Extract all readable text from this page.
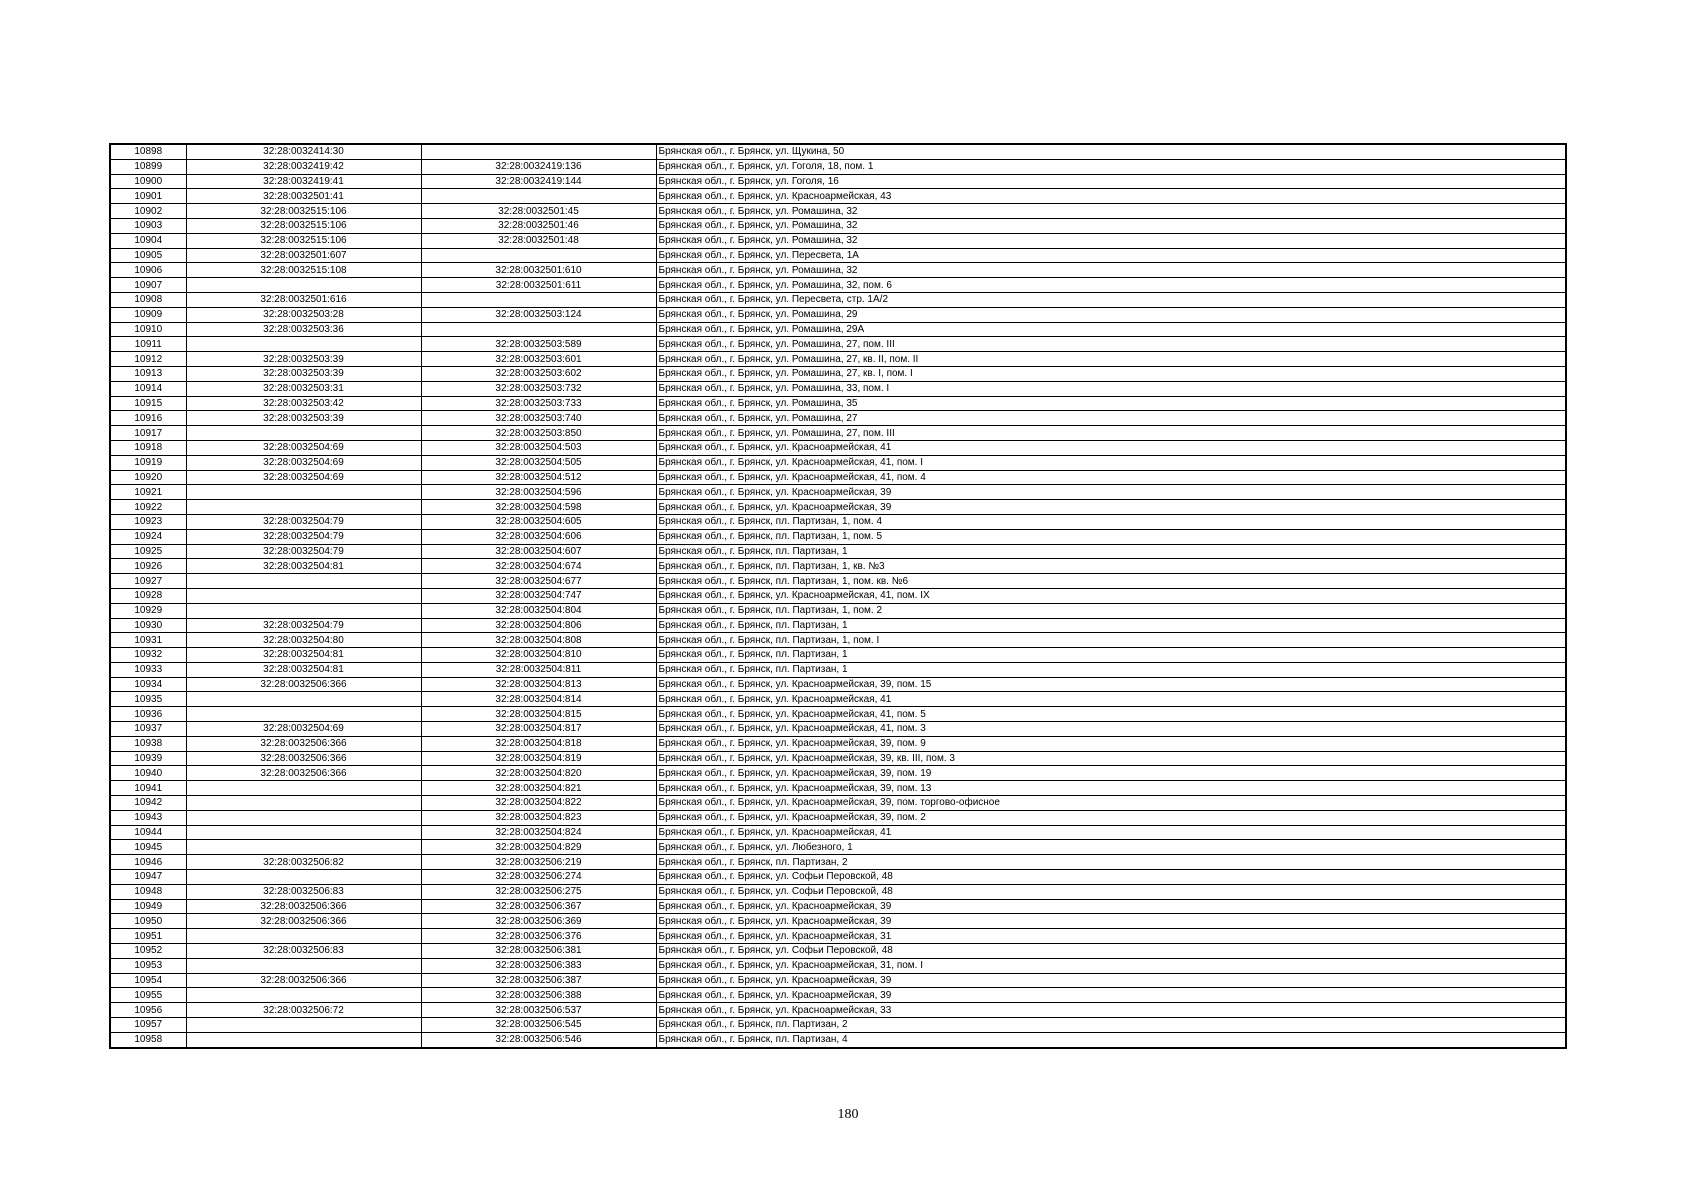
10898	32:28:0032414:30		Брянская обл., г. Брянск, ул. Щукина, 50
10899	32:28:0032419:42	32:28:0032419:136	Брянская обл., г. Брянск, ул. Гоголя, 18, пом. 1
10900	32:28:0032419:41	32:28:0032419:144	Брянская обл., г. Брянск, ул. Гоголя, 16
10901	32:28:0032501:41		Брянская обл., г. Брянск, ул. Красноармейская, 43
10902	32:28:0032515:106	32:28:0032501:45	Брянская обл., г. Брянск, ул. Ромашина, 32
10903	32:28:0032515:106	32:28:0032501:46	Брянская обл., г. Брянск, ул. Ромашина, 32
10904	32:28:0032515:106	32:28:0032501:48	Брянская обл., г. Брянск, ул. Ромашина, 32
10905	32:28:0032501:607		Брянская обл., г. Брянск, ул. Пересвета, 1А
10906	32:28:0032515:108	32:28:0032501:610	Брянская обл., г. Брянск, ул. Ромашина, 32
10907		32:28:0032501:611	Брянская обл., г. Брянск, ул. Ромашина, 32, пом. 6
10908	32:28:0032501:616		Брянская обл., г. Брянск, ул. Пересвета, стр. 1А/2
10909	32:28:0032503:28	32:28:0032503:124	Брянская обл., г. Брянск, ул. Ромашина, 29
10910	32:28:0032503:36		Брянская обл., г. Брянск, ул. Ромашина, 29А
10911		32:28:0032503:589	Брянская обл., г. Брянск, ул. Ромашина, 27, пом. III
10912	32:28:0032503:39	32:28:0032503:601	Брянская обл., г. Брянск, ул. Ромашина, 27, кв. II, пом. II
10913	32:28:0032503:39	32:28:0032503:602	Брянская обл., г. Брянск, ул. Ромашина, 27, кв. I, пом. I
10914	32:28:0032503:31	32:28:0032503:732	Брянская обл., г. Брянск, ул. Ромашина, 33, пом. I
10915	32:28:0032503:42	32:28:0032503:733	Брянская обл., г. Брянск, ул. Ромашина, 35
10916	32:28:0032503:39	32:28:0032503:740	Брянская обл., г. Брянск, ул. Ромашина, 27
10917		32:28:0032503:850	Брянская обл., г. Брянск, ул. Ромашина, 27, пом. III
10918	32:28:0032504:69	32:28:0032504:503	Брянская обл., г. Брянск, ул. Красноармейская, 41
10919	32:28:0032504:69	32:28:0032504:505	Брянская обл., г. Брянск, ул. Красноармейская, 41, пом. I
10920	32:28:0032504:69	32:28:0032504:512	Брянская обл., г. Брянск, ул. Красноармейская, 41, пом. 4
10921		32:28:0032504:596	Брянская обл., г. Брянск, ул. Красноармейская, 39
10922		32:28:0032504:598	Брянская обл., г. Брянск, ул. Красноармейская, 39
10923	32:28:0032504:79	32:28:0032504:605	Брянская обл., г. Брянск, пл. Партизан, 1, пом. 4
10924	32:28:0032504:79	32:28:0032504:606	Брянская обл., г. Брянск, пл. Партизан, 1, пом. 5
10925	32:28:0032504:79	32:28:0032504:607	Брянская обл., г. Брянск, пл. Партизан, 1
10926	32:28:0032504:81	32:28:0032504:674	Брянская обл., г. Брянск, пл. Партизан, 1, кв. №3
10927		32:28:0032504:677	Брянская обл., г. Брянск, пл. Партизан, 1, пом. кв. №6
10928		32:28:0032504:747	Брянская обл., г. Брянск, ул. Красноармейская, 41, пом. IX
10929		32:28:0032504:804	Брянская обл., г. Брянск, пл. Партизан, 1, пом. 2
10930	32:28:0032504:79	32:28:0032504:806	Брянская обл., г. Брянск, пл. Партизан, 1
10931	32:28:0032504:80	32:28:0032504:808	Брянская обл., г. Брянск, пл. Партизан, 1, пом. I
10932	32:28:0032504:81	32:28:0032504:810	Брянская обл., г. Брянск, пл. Партизан, 1
10933	32:28:0032504:81	32:28:0032504:811	Брянская обл., г. Брянск, пл. Партизан, 1
10934	32:28:0032506:366	32:28:0032504:813	Брянская обл., г. Брянск, ул. Красноармейская, 39, пом. 15
10935		32:28:0032504:814	Брянская обл., г. Брянск, ул. Красноармейская, 41
10936		32:28:0032504:815	Брянская обл., г. Брянск, ул. Красноармейская, 41, пом. 5
10937	32:28:0032504:69	32:28:0032504:817	Брянская обл., г. Брянск, ул. Красноармейская, 41, пом. 3
10938	32:28:0032506:366	32:28:0032504:818	Брянская обл., г. Брянск, ул. Красноармейская, 39, пом. 9
10939	32:28:0032506:366	32:28:0032504:819	Брянская обл., г. Брянск, ул. Красноармейская, 39, кв. III, пом. 3
10940	32:28:0032506:366	32:28:0032504:820	Брянская обл., г. Брянск, ул. Красноармейская, 39, пом. 19
10941		32:28:0032504:821	Брянская обл., г. Брянск, ул. Красноармейская, 39, пом. 13
10942		32:28:0032504:822	Брянская обл., г. Брянск, ул. Красноармейская, 39, пом. торгово-офисное
10943		32:28:0032504:823	Брянская обл., г. Брянск, ул. Красноармейская, 39, пом. 2
10944		32:28:0032504:824	Брянская обл., г. Брянск, ул. Красноармейская, 41
10945		32:28:0032504:829	Брянская обл., г. Брянск, ул. Любезного, 1
10946	32:28:0032506:82	32:28:0032506:219	Брянская обл., г. Брянск, пл. Партизан, 2
10947		32:28:0032506:274	Брянская обл., г. Брянск, ул. Софьи Перовской, 48
10948	32:28:0032506:83	32:28:0032506:275	Брянская обл., г. Брянск, ул. Софьи Перовской, 48
10949	32:28:0032506:366	32:28:0032506:367	Брянская обл., г. Брянск, ул. Красноармейская, 39
10950	32:28:0032506:366	32:28:0032506:369	Брянская обл., г. Брянск, ул. Красноармейская, 39
10951		32:28:0032506:376	Брянская обл., г. Брянск, ул. Красноармейская, 31
10952	32:28:0032506:83	32:28:0032506:381	Брянская обл., г. Брянск, ул. Софьи Перовской, 48
10953		32:28:0032506:383	Брянская обл., г. Брянск, ул. Красноармейская, 31, пом. I
10954	32:28:0032506:366	32:28:0032506:387	Брянская обл., г. Брянск, ул. Красноармейская, 39
10955		32:28:0032506:388	Брянская обл., г. Брянск, ул. Красноармейская, 39
10956	32:28:0032506:72	32:28:0032506:537	Брянская обл., г. Брянск, ул. Красноармейская, 33
10957		32:28:0032506:545	Брянская обл., г. Брянск, пл. Партизан, 2
10958		32:28:0032506:546	Брянская обл., г. Брянск, пл. Партизан, 4
180
